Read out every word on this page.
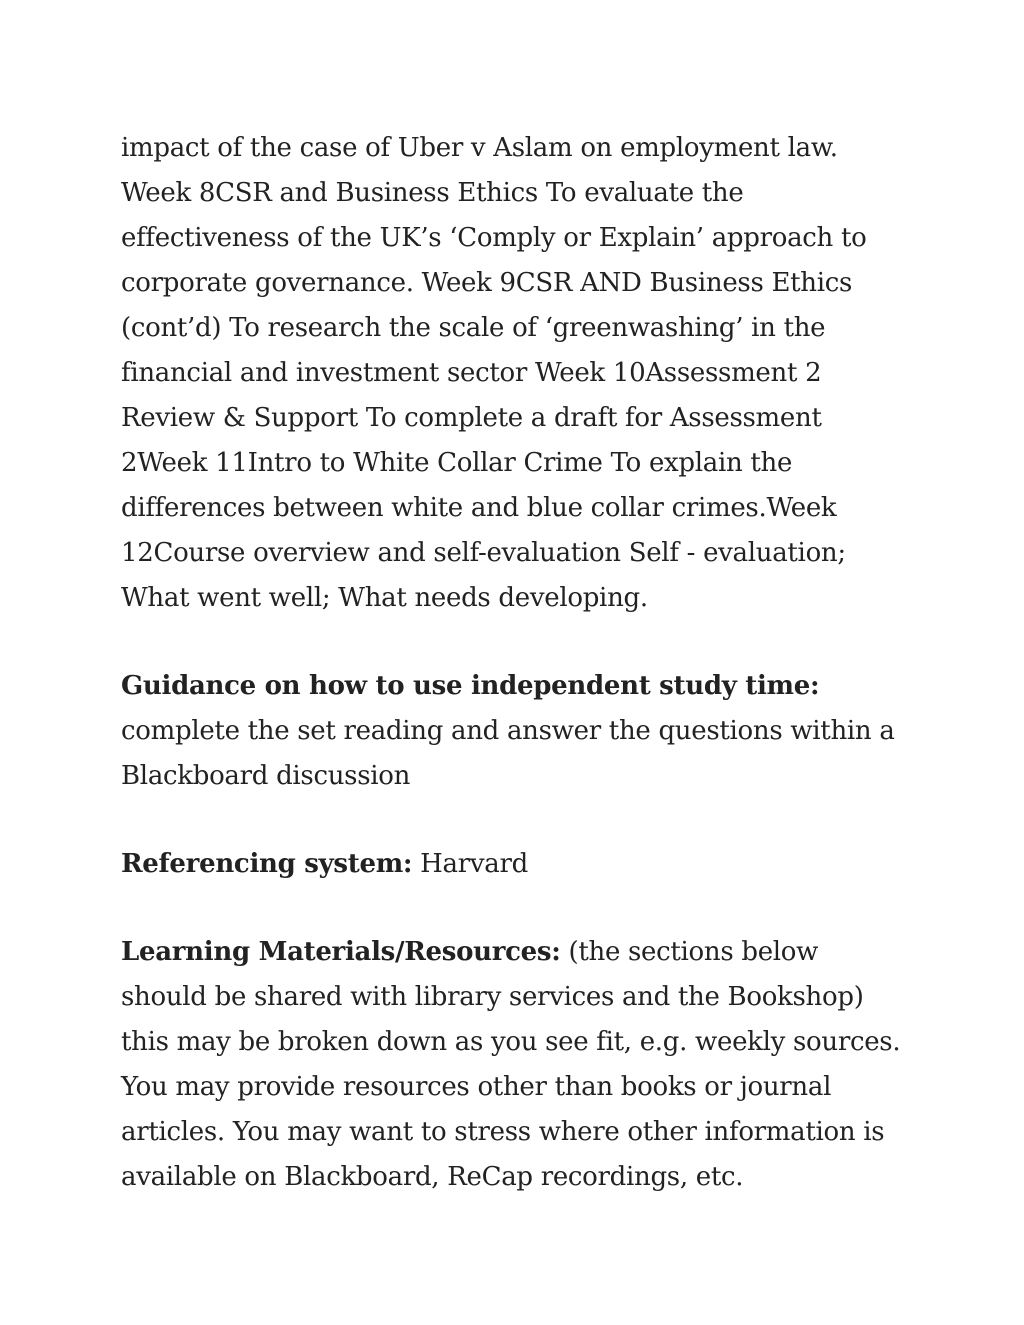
impact of the case of Uber v Aslam on employment law. Week 8CSR and Business Ethics To evaluate the effectiveness of the UK’s ‘Comply or Explain’ approach to corporate governance. Week 9CSR AND Business Ethics (cont’d) To research the scale of ‘greenwashing’ in the financial and investment sector Week 10Assessment 2 Review & Support To complete a draft for Assessment 2Week 11Intro to White Collar Crime To explain the differences between white and blue collar crimes.Week 12Course overview and self-evaluation Self - evaluation; What went well; What needs developing.

Guidance on how to use independent study time: complete the set reading and answer the questions within a Blackboard discussion

Referencing system: Harvard

Learning Materials/Resources: (the sections below should be shared with library services and the Bookshop) this may be broken down as you see fit, e.g. weekly sources. You may provide resources other than books or journal articles. You may want to stress where other information is available on Blackboard, ReCap recordings, etc.
